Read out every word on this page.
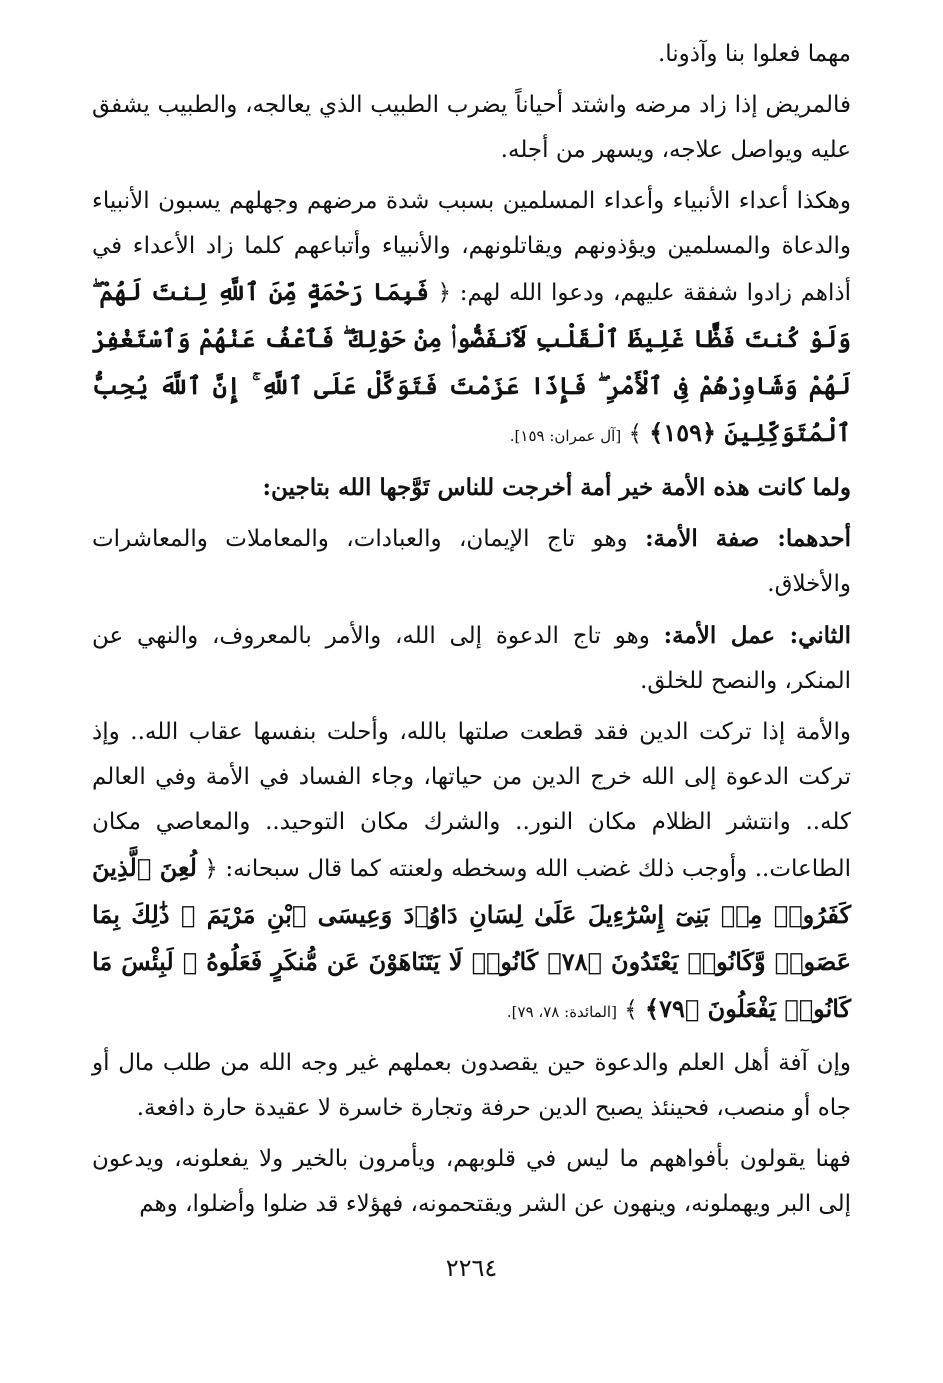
مهما فعلوا بنا وآذونا.

فالمريض إذا زاد مرضه واشتد أحياناً يضرب الطبيب الذي يعالجه، والطبيب يشفق عليه ويواصل علاجه، ويسهر من أجله.

وهكذا أعداء الأنبياء وأعداء المسلمين بسبب شدة مرضهم وجهلهم يسبون الأنبياء والدعاة والمسلمين ويؤذونهم ويقاتلونهم، والأنبياء وأتباعهم كلما زاد الأعداء في أذاهم زادوا شفقة عليهم، ودعوا الله لهم: ﴿ فَبِمَا رَحْمَةٍ مِّنَ ٱللَّهِ لِنتَ لَهُمْ ۖ وَلَوْ كُنتَ فَظًّا غَلِيظَ ٱلْقَلْبِ لَٱنفَضُّوا۟ مِنْ حَوْلِكَ ۖ فَٱعْفُ عَنْهُمْ وَٱسْتَغْفِرْ لَهُمْ وَشَاوِرْهُمْ فِى ٱلْأَمْرِ ۖ فَإِذَا عَزَمْتَ فَتَوَكَّلْ عَلَى ٱللَّهِ ۚ إِنَّ ٱللَّهَ يُحِبُّ ٱلْمُتَوَكِّلِينَ ﴿١٥٩﴾ ﴾ [آل عمران: ١٥٩].

ولما كانت هذه الأمة خير أمة أخرجت للناس تَوَّجها الله بتاجين:

أحدهما: صفة الأمة: وهو تاج الإيمان، والعبادات، والمعاملات والمعاشرات والأخلاق.

الثاني: عمل الأمة: وهو تاج الدعوة إلى الله، والأمر بالمعروف، والنهي عن المنكر، والنصح للخلق.

والأمة إذا تركت الدين فقد قطعت صلتها بالله، وأحلت بنفسها عقاب الله.. وإذ تركت الدعوة إلى الله خرج الدين من حياتها، وجاء الفساد في الأمة وفي العالم كله.. وانتشر الظلام مكان النور.. والشرك مكان التوحيد.. والمعاصي مكان الطاعات.. وأوجب ذلك غضب الله وسخطه ولعنته كما قال سبحانه: ﴿ لُعِنَ ٱلَّذِينَ كَفَرُوا۟ مِنۢ بَنِىٓ إِسْرَٰٓءِيلَ عَلَىٰ لِسَانِ دَاوُۥدَ وَعِيسَى ٱبْنِ مَرْيَمَ ۚ ذَٰلِكَ بِمَا عَصَوا۟ وَّكَانُوا۟ يَعْتَدُونَ ﴿٧٨﴾ كَانُوا۟ لَا يَتَنَاهَوْنَ عَن مُّنكَرٍ فَعَلُوهُ ۚ لَبِئْسَ مَا كَانُوا۟ يَفْعَلُونَ ﴿٧٩﴾ ﴾ [المائدة: ٧٨، ٧٩].

وإن آفة أهل العلم والدعوة حين يقصدون بعملهم غير وجه الله من طلب مال أو جاه أو منصب، فحينئذ يصبح الدين حرفة وتجارة خاسرة لا عقيدة حارة دافعة.

فهنا يقولون بأفواههم ما ليس في قلوبهم، ويأمرون بالخير ولا يفعلونه، ويدعون إلى البر ويهملونه، وينهون عن الشر ويقتحمونه، فهؤلاء قد ضلوا وأضلوا، وهم

٢٢٦٤
